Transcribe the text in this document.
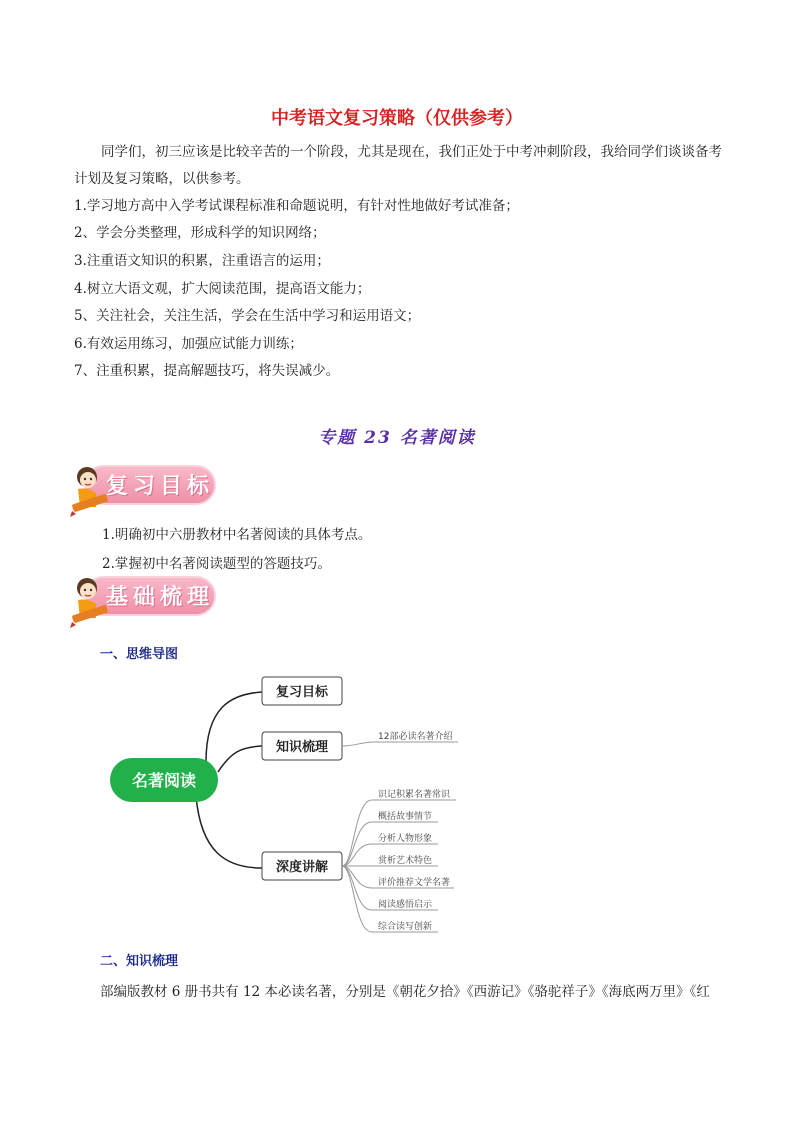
中考语文复习策略（仅供参考）
同学们，初三应该是比较辛苦的一个阶段，尤其是现在，我们正处于中考冲刺阶段，我给同学们谈谈备考计划及复习策略，以供参考。
1.学习地方高中入学考试课程标准和命题说明，有针对性地做好考试准备；
2、学会分类整理，形成科学的知识网络；
3.注重语文知识的积累，注重语言的运用；
4.树立大语文观，扩大阅读范围，提高语文能力；
5、关注社会，关注生活，学会在生活中学习和运用语文；
6.有效运用练习，加强应试能力训练；
7、注重积累，提高解题技巧，将失误减少。
专题 23 名著阅读
复习目标
1.明确初中六册教材中名著阅读的具体考点。
2.掌握初中名著阅读题型的答题技巧。
基础梳理
一、思维导图
名著阅读
复习目标
知识梳理
深度讲解
12部必读名著介绍
识记积累名著常识
概括故事情节
分析人物形象
赏析艺术特色
评价推荐文学名著
阅读感悟启示
综合读写创新
二、知识梳理
部编版教材 6 册书共有 12 本必读名著，分别是《朝花夕拾》《西游记》《骆驼祥子》《海底两万里》《红
